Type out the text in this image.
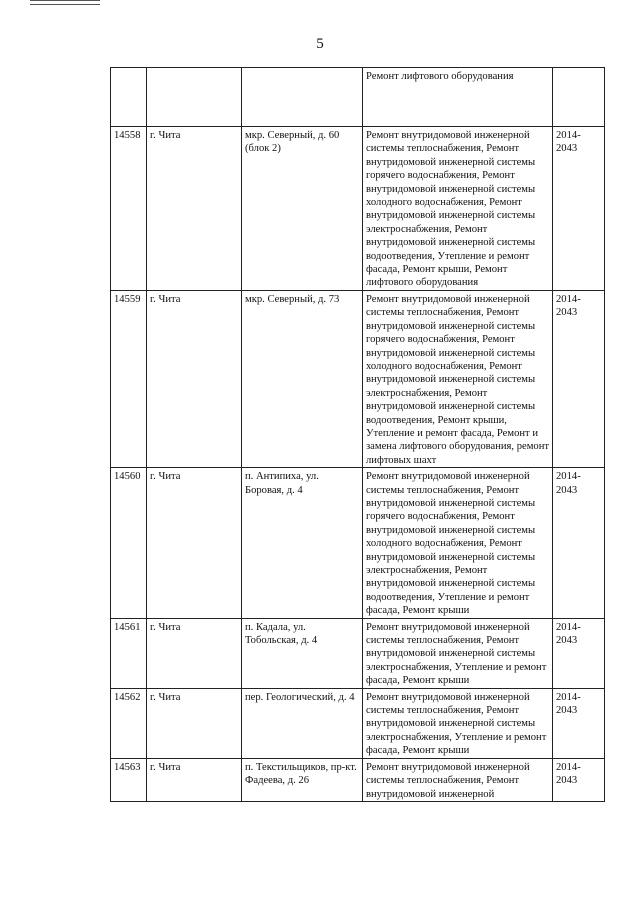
5
			Ремонт лифтового оборудования	
14558	г. Чита	мкр. Северный, д. 60 (блок 2)	Ремонт внутридомовой инженерной системы теплоснабжения, Ремонт внутридомовой инженерной системы горячего водоснабжения, Ремонт внутридомовой инженерной системы холодного водоснабжения, Ремонт внутридомовой инженерной системы электроснабжения, Ремонт внутридомовой инженерной системы водоотведения, Утепление и ремонт фасада, Ремонт крыши, Ремонт лифтового оборудования	2014-2043
14559	г. Чита	мкр. Северный, д. 73	Ремонт внутридомовой инженерной системы теплоснабжения, Ремонт внутридомовой инженерной системы горячего водоснабжения, Ремонт внутридомовой инженерной системы холодного водоснабжения, Ремонт внутридомовой инженерной системы электроснабжения, Ремонт внутридомовой инженерной системы водоотведения, Ремонт крыши, Утепление и ремонт фасада, Ремонт и замена лифтового оборудования, ремонт лифтовых шахт	2014-2043
14560	г. Чита	п. Антипиха, ул. Боровая, д. 4	Ремонт внутридомовой инженерной системы теплоснабжения, Ремонт внутридомовой инженерной системы горячего водоснабжения, Ремонт внутридомовой инженерной системы холодного водоснабжения, Ремонт внутридомовой инженерной системы электроснабжения, Ремонт внутридомовой инженерной системы водоотведения, Утепление и ремонт фасада, Ремонт крыши	2014-2043
14561	г. Чита	п. Кадала, ул. Тобольская, д. 4	Ремонт внутридомовой инженерной системы теплоснабжения, Ремонт внутридомовой инженерной системы электроснабжения, Утепление и ремонт фасада, Ремонт крыши	2014-2043
14562	г. Чита	пер. Геологический, д. 4	Ремонт внутридомовой инженерной системы теплоснабжения, Ремонт внутридомовой инженерной системы электроснабжения, Утепление и ремонт фасада, Ремонт крыши	2014-2043
14563	г. Чита	п. Текстильщиков, пр-кт. Фадеева, д. 26	Ремонт внутридомовой инженерной системы теплоснабжения, Ремонт внутридомовой инженерной	2014-2043
